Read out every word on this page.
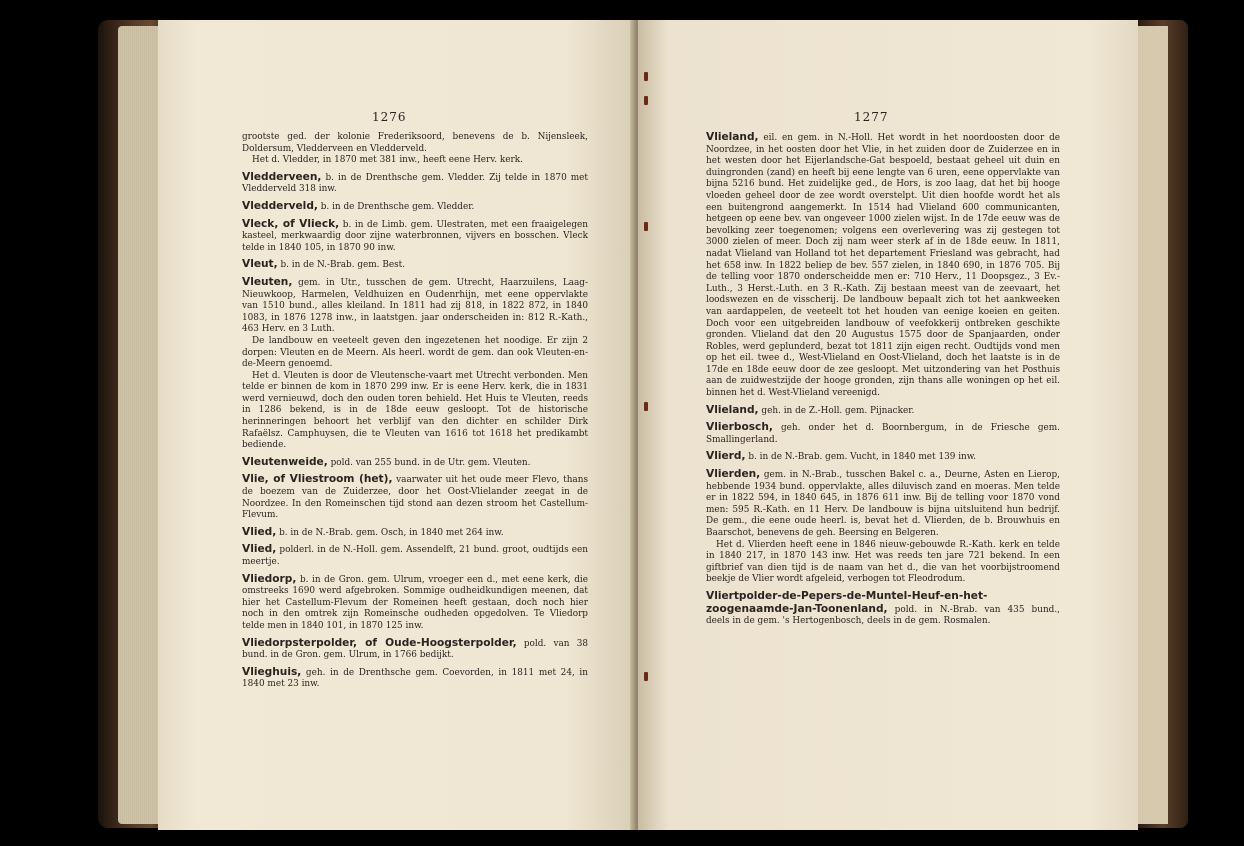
1276

grootste ged. der kolonie Frederiksoord, benevens de b. Nijensleek, Doldersum, Vledderveen en Vledderveld.

Het d. Vledder, in 1870 met 381 inw., heeft eene Herv. kerk.

Vledderveen, b. in de Drenthsche gem. Vledder. Zij telde in 1870 met Vledderveld 318 inw.

Vledderveld, b. in de Drenthsche gem. Vledder.

Vleck, of Vlieck, b. in de Limb. gem. Ulestraten, met een fraaigelegen kasteel, merkwaardig door zijne waterbronnen, vijvers en bosschen. Vleck telde in 1840 105, in 1870 90 inw.

Vleut, b. in de N.-Brab. gem. Best.

Vleuten, gem. in Utr., tusschen de gem. Utrecht, Haarzuilens, Laag-Nieuwkoop, Harmelen, Veldhuizen en Oudenrhijn, met eene oppervlakte van 1510 bund., alles kleiland. In 1811 had zij 818, in 1822 872, in 1840 1083, in 1876 1278 inw., in laatstgen. jaar onderscheiden in: 812 R.-Kath., 463 Herv. en 3 Luth.

De landbouw en veeteelt geven den ingezetenen het noodige. Er zijn 2 dorpen: Vleuten en de Meern. Als heerl. wordt de gem. dan ook Vleuten-en-de-Meern genoemd.

Het d. Vleuten is door de Vleutensche-vaart met Utrecht verbonden. Men telde er binnen de kom in 1870 299 inw. Er is eene Herv. kerk, die in 1831 werd vernieuwd, doch den ouden toren behield. Het Huis te Vleuten, reeds in 1286 bekend, is in de 18de eeuw gesloopt. Tot de historische herinneringen behoort het verblijf van den dichter en schilder Dirk Rafaëlsz. Camphuysen, die te Vleuten van 1616 tot 1618 het predikambt bediende.

Vleutenweide, pold. van 255 bund. in de Utr. gem. Vleuten.

Vlie, of Vliestroom (het), vaarwater uit het oude meer Flevo, thans de boezem van de Zuiderzee, door het Oost-Vlielander zeegat in de Noordzee. In den Romeinschen tijd stond aan dezen stroom het Castellum-Flevum.

Vlied, b. in de N.-Brab. gem. Osch, in 1840 met 264 inw.

Vlied, polderl. in de N.-Holl. gem. Assendelft, 21 bund. groot, oudtijds een meertje.

Vliedorp, b. in de Gron. gem. Ulrum, vroeger een d., met eene kerk, die omstreeks 1690 werd afgebroken. Sommige oudheidkundigen meenen, dat hier het Castellum-Flevum der Romeinen heeft gestaan, doch noch hier noch in den omtrek zijn Romeinsche oudheden opgedolven. Te Vliedorp telde men in 1840 101, in 1870 125 inw.

Vliedorpsterpolder, of Oude-Hoogsterpolder, pold. van 38 bund. in de Gron. gem. Ulrum, in 1766 bedijkt.

Vlieghuis, geh. in de Drenthsche gem. Coevorden, in 1811 met 24, in 1840 met 23 inw.

1277

Vlieland, eil. en gem. in N.-Holl. Het wordt in het noordoosten door de Noordzee, in het oosten door het Vlie, in het zuiden door de Zuiderzee en in het westen door het Eijerlandsche-Gat bespoeld, bestaat geheel uit duin en duingronden (zand) en heeft bij eene lengte van 6 uren, eene oppervlakte van bijna 5216 bund. Het zuidelijke ged., de Hors, is zoo laag, dat het bij hooge vloeden geheel door de zee wordt overstelpt. Uit dien hoofde wordt het als een buitengrond aangemerkt. In 1514 had Vlieland 600 communicanten, hetgeen op eene bev. van ongeveer 1000 zielen wijst. In de 17de eeuw was de bevolking zeer toegenomen; volgens een overlevering was zij gestegen tot 3000 zielen of meer. Doch zij nam weer sterk af in de 18de eeuw. In 1811, nadat Vlieland van Holland tot het departement Friesland was gebracht, had het 658 inw. In 1822 beliep de bev. 557 zielen, in 1840 690, in 1876 705. Bij de telling voor 1870 onderscheidde men er: 710 Herv., 11 Doopsgez., 3 Ev.-Luth., 3 Herst.-Luth. en 3 R.-Kath. Zij bestaan meest van de zeevaart, het loodswezen en de visscherij. De landbouw bepaalt zich tot het aankweeken van aardappelen, de veeteelt tot het houden van eenige koeien en geiten. Doch voor een uitgebreiden landbouw of veefokkerij ontbreken geschikte gronden. Vlieland dat den 20 Augustus 1575 door de Spanjaarden, onder Robles, werd geplunderd, bezat tot 1811 zijn eigen recht. Oudtijds vond men op het eil. twee d., West-Vlieland en Oost-Vlieland, doch het laatste is in de 17de en 18de eeuw door de zee gesloopt. Met uitzondering van het Posthuis aan de zuidwestzijde der hooge gronden, zijn thans alle woningen op het eil. binnen het d. West-Vlieland vereenigd.

Vlieland, geh. in de Z.-Holl. gem. Pijnacker.

Vlierbosch, geh. onder het d. Boornbergum, in de Friesche gem. Smallingerland.

Vlierd, b. in de N.-Brab. gem. Vucht, in 1840 met 139 inw.

Vlierden, gem. in N.-Brab., tusschen Bakel c. a., Deurne, Asten en Lierop, hebbende 1934 bund. oppervlakte, alles diluvisch zand en moeras. Men telde er in 1822 594, in 1840 645, in 1876 611 inw. Bij de telling voor 1870 vond men: 595 R.-Kath. en 11 Herv. De landbouw is bijna uitsluitend hun bedrijf. De gem., die eene oude heerl. is, bevat het d. Vlierden, de b. Brouwhuis en Baarschot, benevens de geh. Beersing en Belgeren.

Het d. Vlierden heeft eene in 1846 nieuw-gebouwde R.-Kath. kerk en telde in 1840 217, in 1870 143 inw. Het was reeds ten jare 721 bekend. In een giftbrief van dien tijd is de naam van het d., die van het voorbijstroomend beekje de Vlier wordt afgeleid, verbogen tot Fleodrodum.

Vliertpolder-de-Pepers-de-Muntel-Heuf-en-het-zoogenaamde-Jan-Toonenland, pold. in N.-Brab. van 435 bund., deels in de gem. 's Hertogenbosch, deels in de gem. Rosmalen.
